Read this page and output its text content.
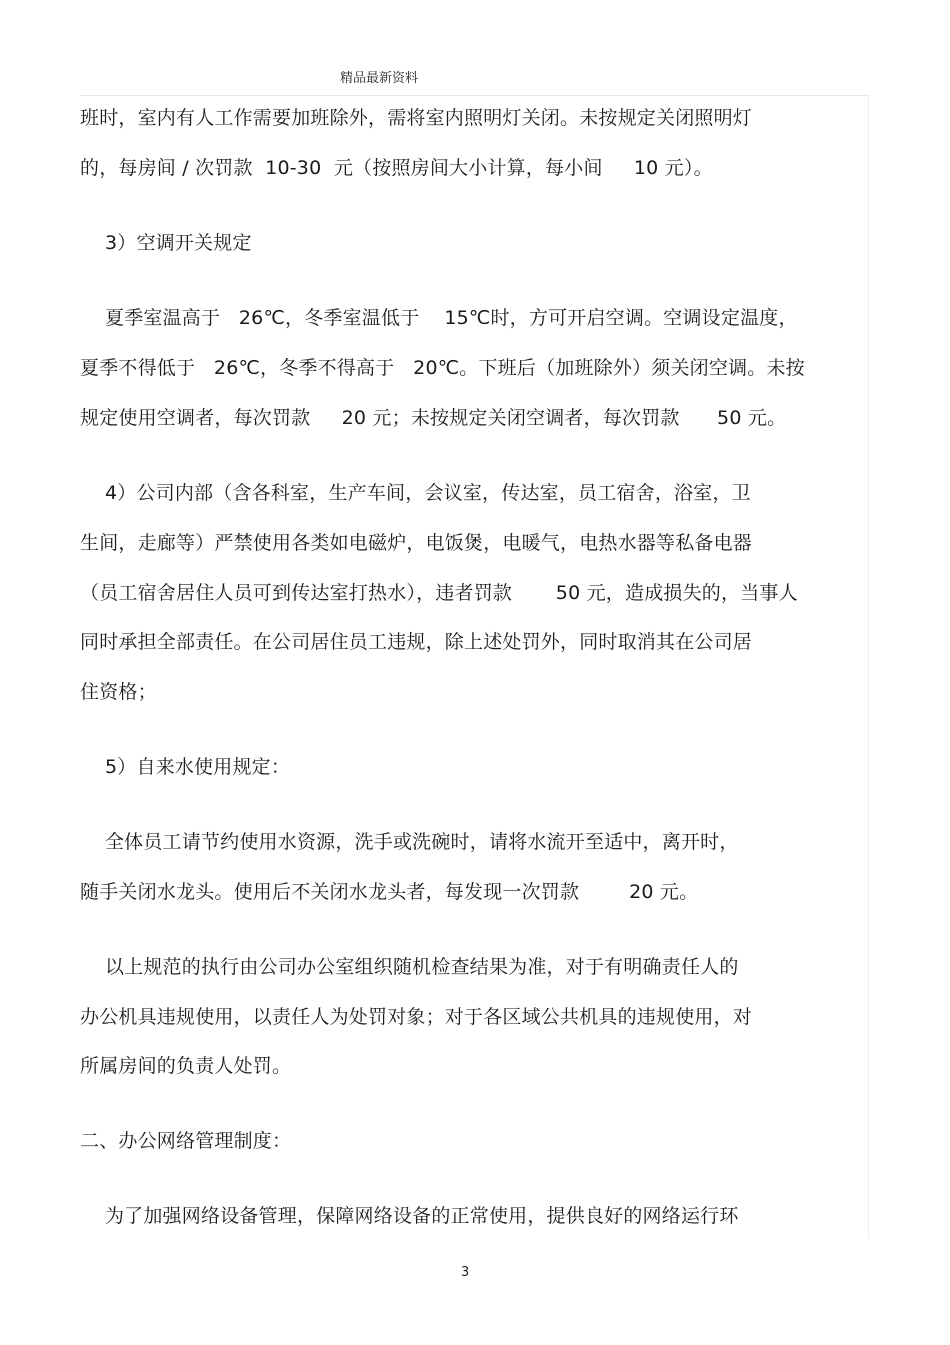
精品最新资料
班时，室内有人工作需要加班除外，需将室内照明灯关闭。未按规定关闭照明灯
的，每房间 / 次罚款  10-30  元（按照房间大小计算，每小间     10 元）。
3）空调开关规定
夏季室温高于   26℃，冬季室温低于    15℃时，方可开启空调。空调设定温度，
夏季不得低于   26℃，冬季不得高于   20℃。下班后（加班除外）须关闭空调。未按
规定使用空调者，每次罚款     20 元；未按规定关闭空调者，每次罚款      50 元。
4）公司内部（含各科室，生产车间，会议室，传达室，员工宿舍，浴室，卫
生间，走廊等）严禁使用各类如电磁炉，电饭煲，电暖气，电热水器等私备电器
（员工宿舍居住人员可到传达室打热水），违者罚款       50 元，造成损失的，当事人
同时承担全部责任。在公司居住员工违规，除上述处罚外，同时取消其在公司居
住资格；
5）自来水使用规定：
全体员工请节约使用水资源，洗手或洗碗时，请将水流开至适中，离开时，
随手关闭水龙头。使用后不关闭水龙头者，每发现一次罚款        20 元。
以上规范的执行由公司办公室组织随机检查结果为准，对于有明确责任人的
办公机具违规使用，以责任人为处罚对象；对于各区域公共机具的违规使用，对
所属房间的负责人处罚。
二、办公网络管理制度：
为了加强网络设备管理，保障网络设备的正常使用，提供良好的网络运行环
3
